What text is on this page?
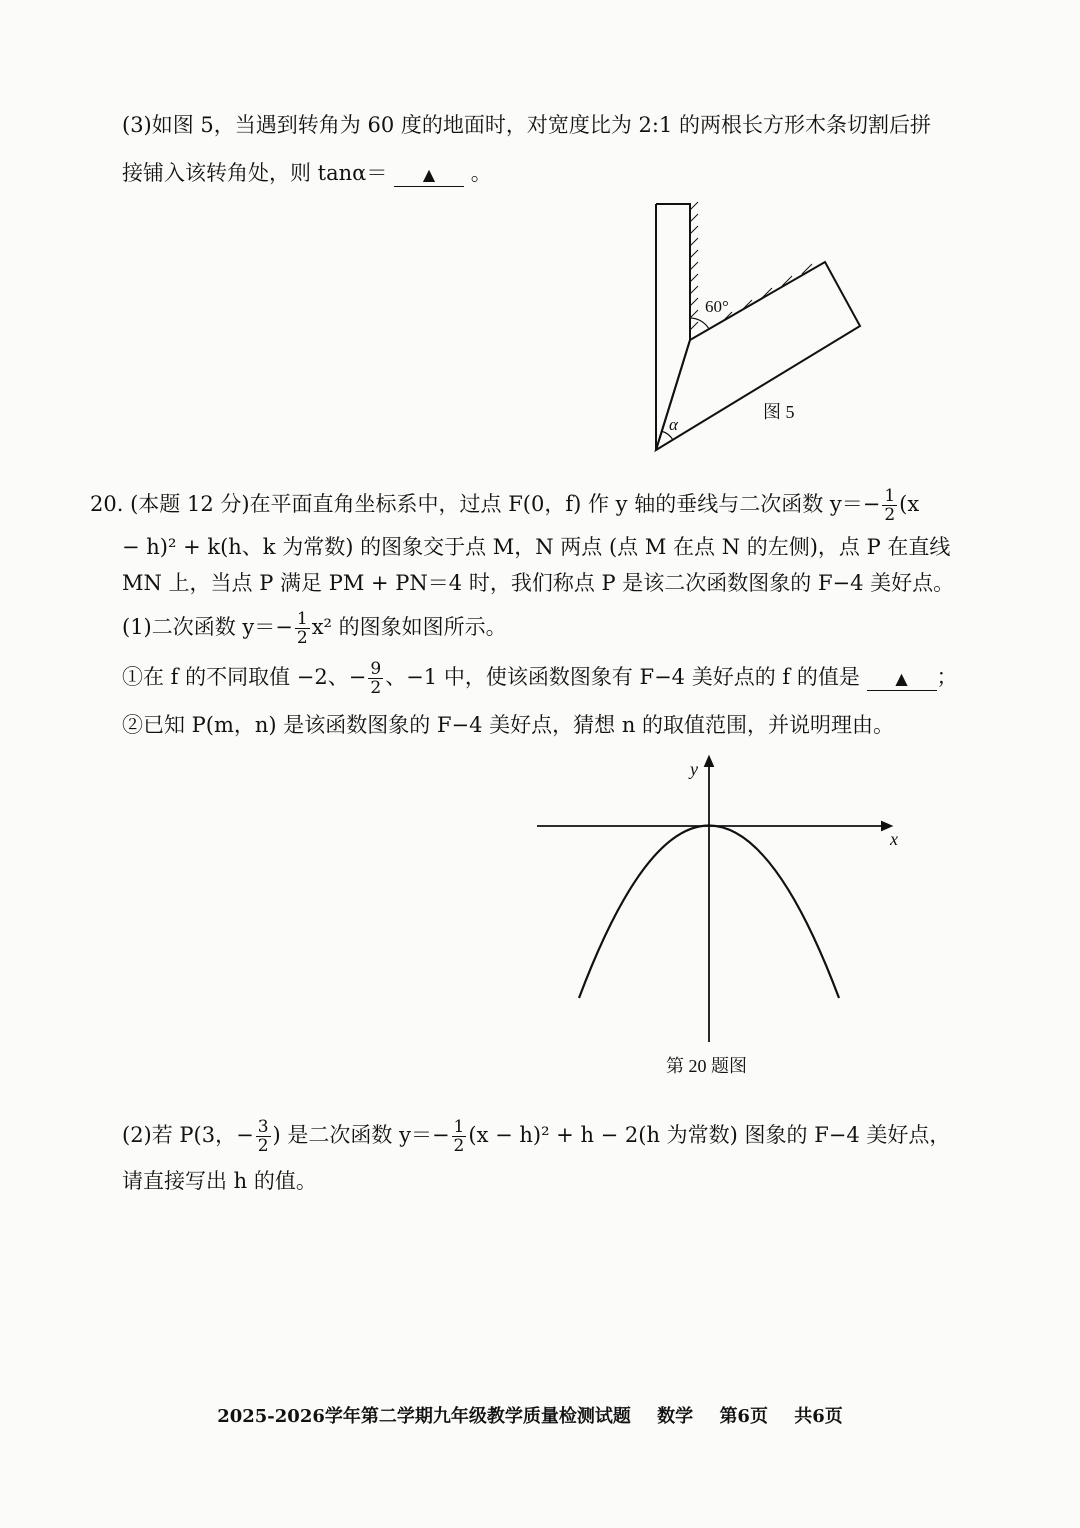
(3)如图 5，当遇到转角为 60 度的地面时，对宽度比为 2:1 的两根长方形木条切割后拼
接铺入该转角处，则 tanα＝ ▲ 。
60°
α
图 5
20. (本题 12 分)在平面直角坐标系中，过点 F(0，f) 作 y 轴的垂线与二次函数 $y=- \frac{1}{2} (x$
− h)² + k(h、k 为常数) 的图象交于点 M，N 两点 (点 M 在点 N 的左侧)，点 P 在直线
MN 上，当点 P 满足 PM + PN＝4 时，我们称点 P 是该二次函数图象的 F−4 美好点。
(1)二次函数 $y=- \frac{1}{2} x^2$ 的图象如图所示。
①在 f 的不同取值 −2、− $\frac{9}{2}$ 、−1 中，使该函数图象有 F−4 美好点的 f 的值是 ▲ ；
②已知 P(m，n) 是该函数图象的 F−4 美好点，猜想 n 的取值范围，并说明理由。
y
x
第 20 题图
(2)若 P(3，− $\frac{3}{2}$ ) 是二次函数 $y=- \frac{1}{2} (x - h)^2 + h - 2(h$ 为常数) 图象的 F−4 美好点，
请直接写出 h 的值。
2025-2026学年第二学期九年级教学质量检测试题 数学 第6页 共6页
